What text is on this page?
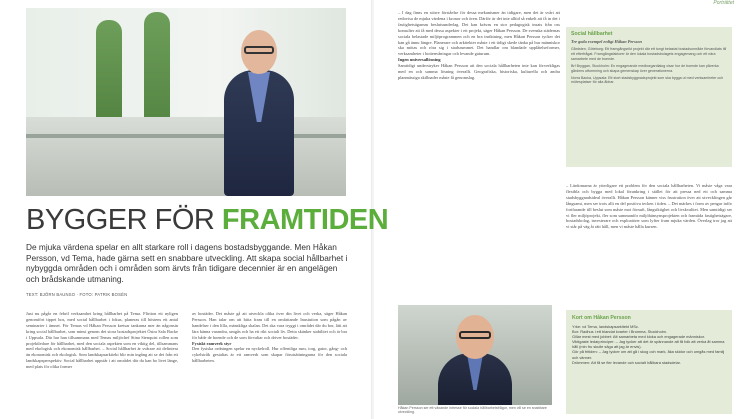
BYGGER FÖR FRAMTIDEN
De mjuka värdena spelar en allt starkare roll i dagens bostadsbyggande. Men Håkan Persson, vd Tema, hade gärna sett en snabbare utveckling. Att skapa social hållbarhet i nybyggda områden och i områden som ärvts från tidigare decennier är en angelägen och brådskande utmaning.
TEXT: BJÖRN BAUNSO · FOTO: PATRIK BOSÉN
Just nu pågår en febril verksamhet kring hållbarhet på Tema. Flirtton ett nyligen genomfört tippet hos, med social hållbarhet i fokus, planeras till höstens ett antal seminarier i ämnet. För Temas vd Håkan Persson kretsar tankarna mer än någonsin kring social hållbarhet, som minst genom det stora bostadsprojektet Östra Sala Backe i Uppsala. Där har han tillsammans med Temas miljöchef Stina Stenquist rollen som projektledare för hållbarhet, med den sociala aspekten som en viktig del, tillsammans med ekologisk och ekonomisk hållbarhet. – Social hållbarhet är svårare att definiera än ekonomisk och ekologisk. Som landskapsarkitekt blir min ingång att se det från ett landskapsperspektiv. Social hållbarhet uppstår i att området där du kan bo livet länge, med plats för olika former

av bostäder. Det måste gå att utveckla olika över din livet och verka, säger Håkan Persson. Han talar om att bitta fram till en omfattande Inustution som pågån av handelser i den lilla, mänskliga skalan. Det ska vara tryggt i området där du bor, lätt att lära känna varandra, umgås och ha ett rikt socialt liv. Detta skänker stabilitet och är bra för både de boende och de som förvaltar och driver bostäder.

Fysiskt ramverk styr

Den fysiska ordningen spelar en nyckelroll. Hur offentliga rum, torg, gator, gång- och cykelstråk gestaltas är ett ramverk som skapar förutsättningarna för den sociala hållbarheten.

Porträttet

– I dag finns en större förståelse för dessa mekanismer än tidigare, men det är svårt att redovisa de mjuka värdena i kronor och ören. Därför är det inte alltid så enkelt att få in det i fastighetsägarnas beslutsunderlag. Det kan krävas en stor pedagogisk insats från oss konsulter att få med dessa aspekter i ett projekt, säger Håkan Persson. De svenska städernas sociala belastade miljöprogrammen och en bra inriktning, men Håkan Persson tycker det kan gå ännu längre. Planerare och arkitekter måste i ett tidigt skede tänka på hur människor ska mötas och röra sig i stadsrummet. Det handlar om blandade upplåtelseformer, verksamheter i bottenvåningar och levande gaturum.

Ingen universallösning

Samtidigt understryker Håkan Persson att den sociala hållbarheten inte kan förverkligas med en och samma lösning överallt. Geografiska, historiska, kulturella och andra planmässiga skillnader måste få genomslag.

Social hållbarhet
Tre goda exempel enligt Håkan Persson
Gårdsten, Göteborg: Ett framgångsrikt projekt där ett tungt belastat bostadsområde förvandlats till ett efterfrågat. Framgångsfaktorer är den lokala bostadsbolagets engagemang och ett nära samarbete med de boende.
Brf Bryggan, Stockholm: En engagerande medborgardialog visar hur de boende kan påverka gårdens utformning och skapa gemenskap över generationerna.
Norra Backa, Uppsala: Ett stort stadsbyggnadsprojekt som ska bygga ut med verksamheter och mötesplatser för alla åldrar.
– Lärdomarna är ytterligare ett problem för den sociala hållbarheten. Vi måste våga vara flexibla och bygga med lokal förankring i stället för att pressa ned ett och samma stadsbyggnadsideal överallt. Håkan Persson känner viss frustration över att utvecklingen går långsamt, men ser trots allt en del positiva tecken i tiden. – Det märkes i form av pengar inför fortfarande till beslut som måste mot förnuft, långsiktighet och livskvalitet. Men samtidigt ser vi fler miljöprojekt, fler som sammanför miljöhänsynsprojekten och framtida fastighetsägare, bostadsbolag, investerare och exploatörer som lyfter fram mjuka värden. Överlag tror jag att vi står på väg åt rätt håll, men vi måste hålla kursen.
Håkan Persson ser ett växande intresse för sociala hållbarhetsfrågor, men vill se en snabbare utveckling.
Kort om Håkan Persson
Yrke: vd Tema, landskapsarkitekt MSc.
Bor: Radhus i ett blandat kvarter i Bromma, Stockholm.
Gillar mest med jobbet: Att samarbeta med kloka och engagerade människor.
Viktigaste ledarprinciper: – Jag tycker att det är spännande att få folk att verka åt samma håll (min fru skulle säga att jag är envis).
Gör på fritiden: – Jag tycker om att gå i skog och mark, åka skidor och umgås med familj och vänner.
Drömmen: Att få se fler levande och socialt hållbara stadsdelar.
